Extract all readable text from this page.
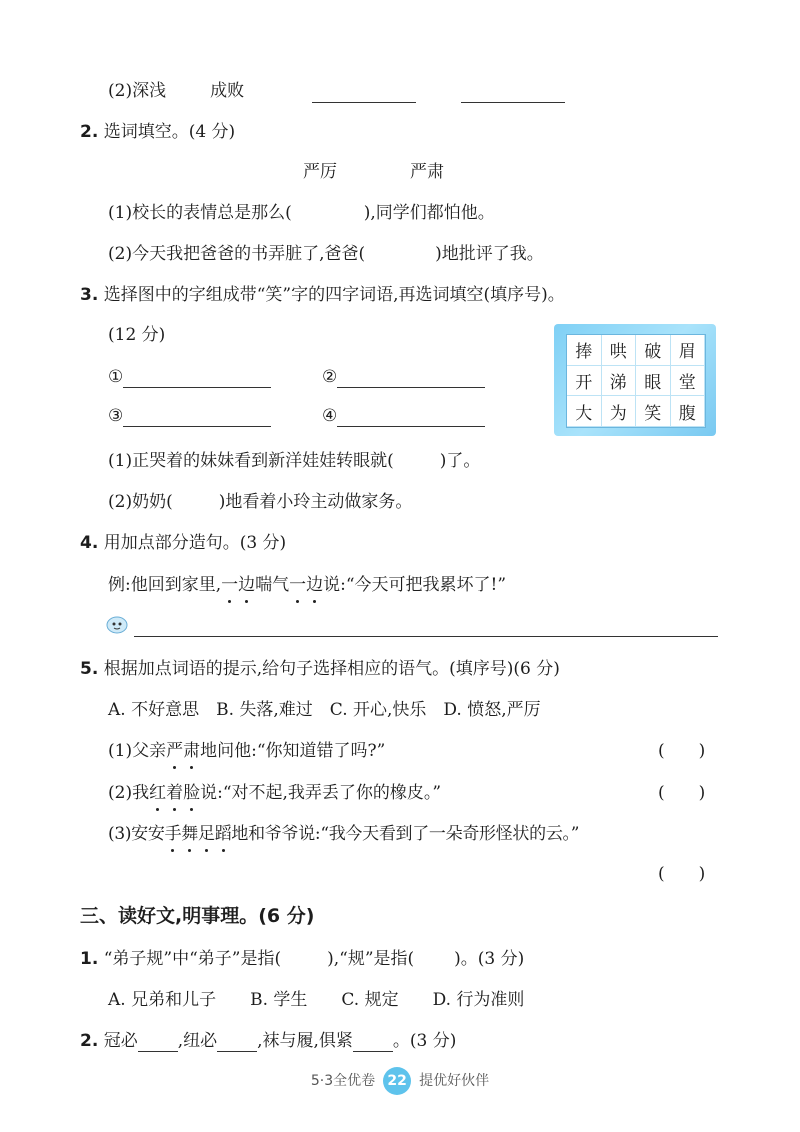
(2)深浅	成败
2. 选词填空。(4 分)
严厉	严肃
(1)校长的表情总是那么(	),同学们都怕他。
(2)今天我把爸爸的书弄脏了,爸爸(	)地批评了我。
3. 选择图中的字组成带“笑”字的四字词语,再选词填空(填序号)。
(12 分)
①	②
③	④
捧	哄	破	眉
开	涕	眼	堂
大	为	笑	腹
(1)正哭着的妹妹看到新洋娃娃转眼就(	)了。
(2)奶奶(	)地看着小玲主动做家务。
4. 用加点部分造句。(3 分)
例:他回到家里,一边喘气一边说:“今天可把我累坏了!”
5. 根据加点词语的提示,给句子选择相应的语气。(填序号)(6 分)
A. 不好意思　B. 失落,难过　C. 开心,快乐　D. 愤怒,严厉
(1)父亲严肃地问他:“你知道错了吗?”	(　　)
(2)我红着脸说:“对不起,我弄丢了你的橡皮。”	(　　)
(3)安安手舞足蹈地和爷爷说:“我今天看到了一朵奇形怪状的云。”
(　　)
三、读好文,明事理。(6 分)
1. “弟子规”中“弟子”是指(	),“规”是指( )。(3 分)
A. 兄弟和儿子　　B. 学生　　C. 规定　　D. 行为准则
2. 冠必 ,纽必 ,袜与履,俱紧 。(3 分)
5·3全优卷 22 提优好伙伴
